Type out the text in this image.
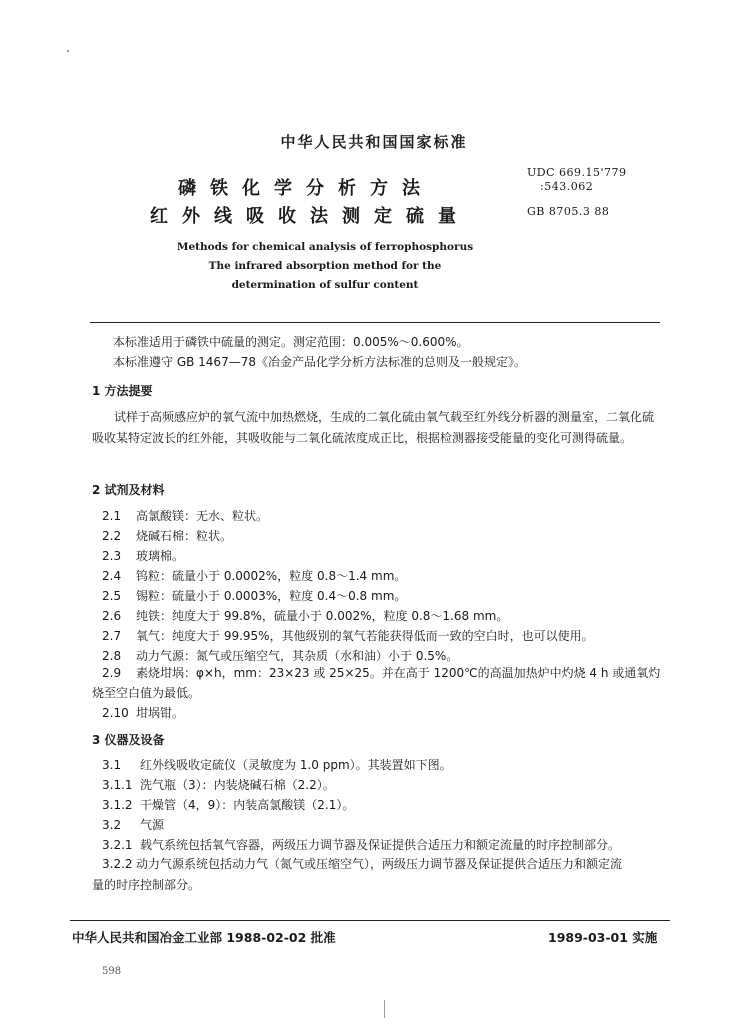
中华人民共和国国家标准
磷铁化学分析方法
红外线吸收法测定硫量
UDC 669.15'779
:543.062
GB 8705.3 88
Methods for chemical analysis of ferrophosphorus
The infrared absorption method for the
determination of sulfur content
本标准适用于磷铁中硫量的测定。测定范围：0.005%～0.600%。
本标准遵守 GB 1467—78《冶金产品化学分析方法标准的总则及一般规定》。
1 方法提要
试样于高频感应炉的氧气流中加热燃烧，生成的二氧化硫由氧气载至红外线分析器的测量室，二氧化硫吸收某特定波长的红外能，其吸收能与二氧化硫浓度成正比，根据检测器接受能量的变化可测得硫量。
2 试剂及材料
2.1 高氯酸镁：无水、粒状。
2.2 烧碱石棉：粒状。
2.3 玻璃棉。
2.4 钨粒：硫量小于 0.0002%，粒度 0.8～1.4 mm。
2.5 锡粒：硫量小于 0.0003%，粒度 0.4～0.8 mm。
2.6 纯铁：纯度大于 99.8%，硫量小于 0.002%，粒度 0.8～1.68 mm。
2.7 氧气：纯度大于 99.95%，其他级别的氧气若能获得低而一致的空白时，也可以使用。
2.8 动力气源：氮气或压缩空气，其杂质（水和油）小于 0.5%。
2.9 素烧坩埚：φ×h，mm：23×23 或 25×25。并在高于 1200℃的高温加热炉中灼烧 4 h 或通氧灼
烧至空白值为最低。
2.10 坩埚钳。
3 仪器及设备
3.1 红外线吸收定硫仪（灵敏度为 1.0 ppm）。其装置如下图。
3.1.1 洗气瓶（3）：内装烧碱石棉（2.2）。
3.1.2 干燥管（4，9）：内装高氯酸镁（2.1）。
3.2 气源
3.2.1 载气系统包括氧气容器，两级压力调节器及保证提供合适压力和额定流量的时序控制部分。
3.2.2 动力气源系统包括动力气（氮气或压缩空气），两级压力调节器及保证提供合适压力和额定流
量的时序控制部分。
中华人民共和国冶金工业部 1988-02-02 批准	1989-03-01 实施
598
